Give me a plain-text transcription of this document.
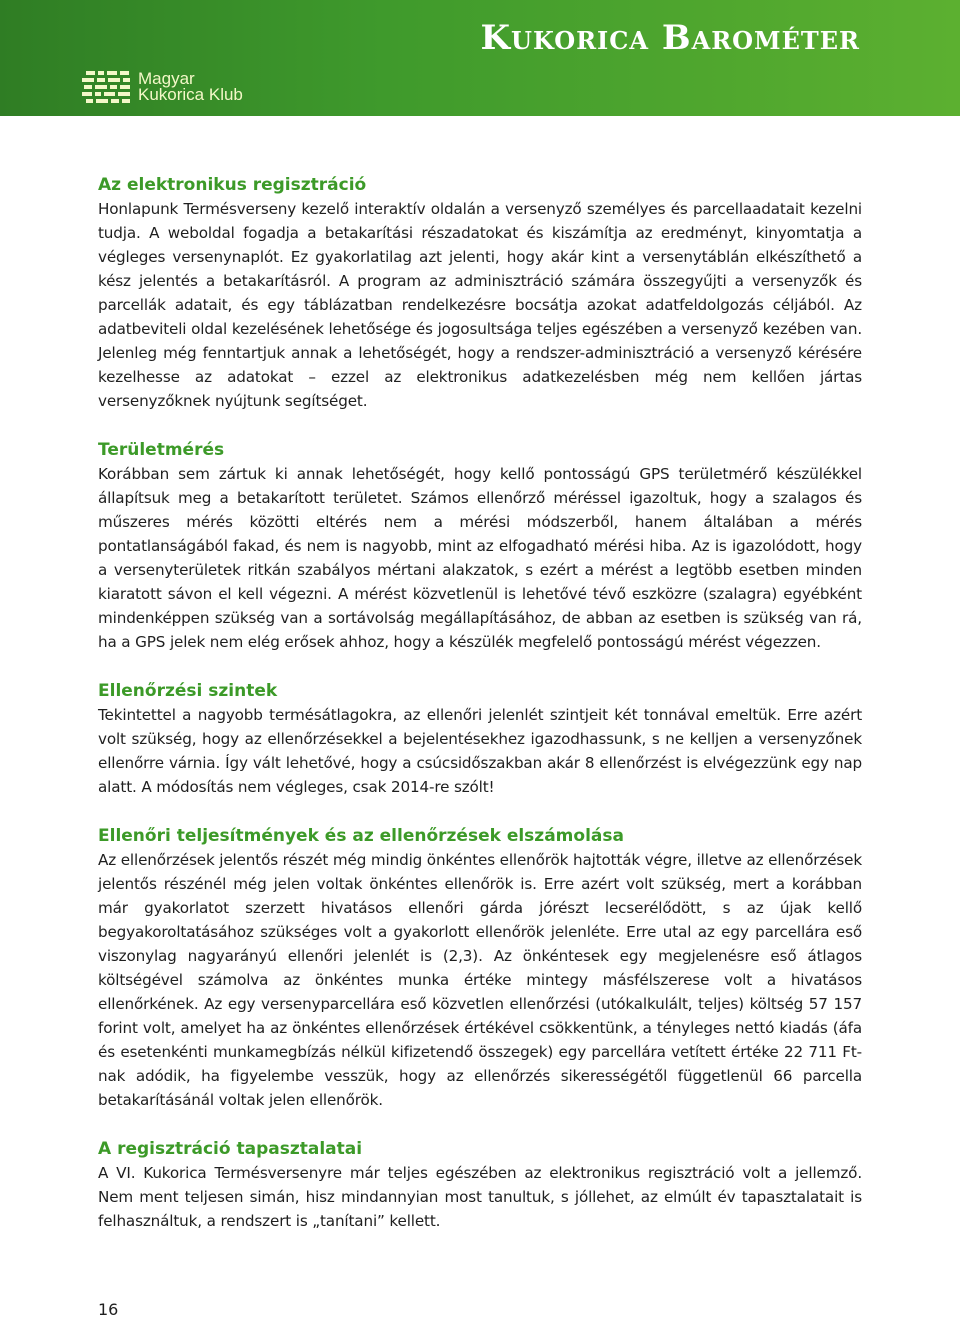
Kukorica Barométer
Magyar
Kukorica Klub
Az elektronikus regisztráció

Honlapunk Termésverseny kezelő interaktív oldalán a versenyző személyes és parcellaadatait kezelni tudja. A weboldal fogadja a betakarítási részadatokat és kiszámítja az eredményt, kinyomtatja a végleges versenynaplót. Ez gyakorlatilag azt jelenti, hogy akár kint a versenytáblán elkészíthető a kész jelentés a betakarításról. A program az adminisztráció számára összegyűjti a versenyzők és parcellák adatait, és egy táblázatban rendelkezésre bocsátja azokat adatfeldolgozás céljából. Az adatbeviteli oldal kezelésének lehetősége és jogosultsága teljes egészében a versenyző kezében van. Jelenleg még fenntartjuk annak a lehetőségét, hogy a rendszer-adminisztráció a versenyző kérésére kezelhesse az adatokat – ezzel az elektronikus adatkezelésben még nem kellően jártas versenyzőknek nyújtunk segítséget.

Területmérés

Korábban sem zártuk ki annak lehetőségét, hogy kellő pontosságú GPS területmérő készülékkel állapítsuk meg a betakarított területet. Számos ellenőrző méréssel igazoltuk, hogy a szalagos és műszeres mérés közötti eltérés nem a mérési módszerből, hanem általában a mérés pontatlanságából fakad, és nem is nagyobb, mint az elfogadható mérési hiba. Az is igazolódott, hogy a versenyterületek ritkán szabályos mértani alakzatok, s ezért a mérést a legtöbb esetben minden kiaratott sávon el kell végezni. A mérést közvetlenül is lehetővé tévő eszközre (szalagra) egyébként mindenképpen szükség van a sortávolság megállapításához, de abban az esetben is szükség van rá, ha a GPS jelek nem elég erősek ahhoz, hogy a készülék megfelelő pontosságú mérést végezzen.

Ellenőrzési szintek

Tekintettel a nagyobb termésátlagokra, az ellenőri jelenlét szintjeit két tonnával emeltük. Erre azért volt szükség, hogy az ellenőrzésekkel a bejelentésekhez igazodhassunk, s ne kelljen a versenyzőnek ellenőrre várnia. Így vált lehetővé, hogy a csúcsidőszakban akár 8 ellenőrzést is elvégezzünk egy nap alatt. A módosítás nem végleges, csak 2014-re szólt!

Ellenőri teljesítmények és az ellenőrzések elszámolása

Az ellenőrzések jelentős részét még mindig önkéntes ellenőrök hajtották végre, illetve az ellenőrzések jelentős részénél még jelen voltak önkéntes ellenőrök is. Erre azért volt szükség, mert a korábban már gyakorlatot szerzett hivatásos ellenőri gárda jórészt lecserélődött, s az újak kellő begyakoroltatásához szükséges volt a gyakorlott ellenőrök jelenléte. Erre utal az egy parcellára eső viszonylag nagyarányú ellenőri jelenlét is (2,3). Az önkéntesek egy megjelenésre eső átlagos költségével számolva az önkéntes munka értéke mintegy másfélszerese volt a hivatásos ellenőrkének. Az egy versenyparcellára eső közvetlen ellenőrzési (utókalkulált, teljes) költség 57 157 forint volt, amelyet ha az önkéntes ellenőrzések értékével csökkentünk, a tényleges nettó kiadás (áfa és esetenkénti munkamegbízás nélkül kifizetendő összegek) egy parcellára vetített értéke 22 711 Ft-nak adódik, ha figyelembe vesszük, hogy az ellenőrzés sikerességétől függetlenül 66 parcella betakarításánál voltak jelen ellenőrök.

A regisztráció tapasztalatai

A VI. Kukorica Termésversenyre már teljes egészében az elektronikus regisztráció volt a jellemző. Nem ment teljesen simán, hisz mindannyian most tanultuk, s jóllehet, az elmúlt év tapasztalatait is felhasználtuk, a rendszert is „tanítani” kellett.

16
